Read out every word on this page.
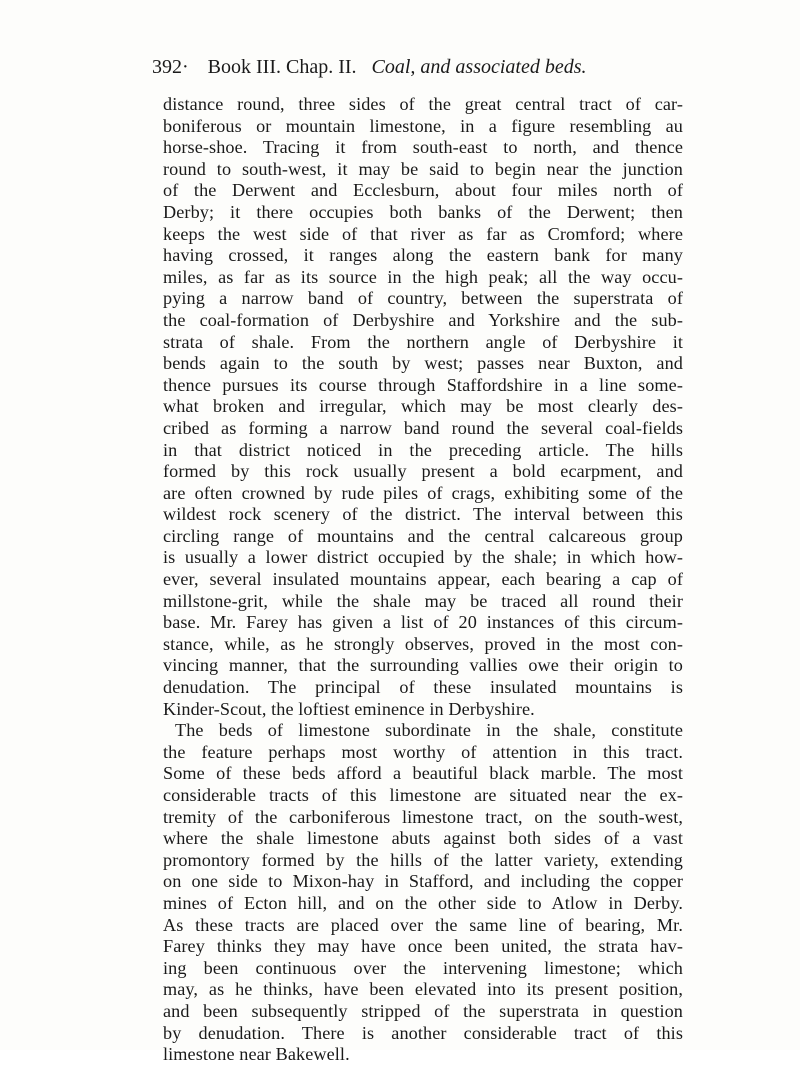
392· Book III. Chap. II. Coal, and associated beds.
distance round, three sides of the great central tract of car-
boniferous or mountain limestone, in a figure resembling au
horse-shoe. Tracing it from south-east to north, and thence
round to south-west, it may be said to begin near the junction
of the Derwent and Ecclesburn, about four miles north of
Derby; it there occupies both banks of the Derwent; then
keeps the west side of that river as far as Cromford; where
having crossed, it ranges along the eastern bank for many
miles, as far as its source in the high peak; all the way occu-
pying a narrow band of country, between the superstrata of
the coal-formation of Derbyshire and Yorkshire and the sub-
strata of shale. From the northern angle of Derbyshire it
bends again to the south by west; passes near Buxton, and
thence pursues its course through Staffordshire in a line some-
what broken and irregular, which may be most clearly des-
cribed as forming a narrow band round the several coal-fields
in that district noticed in the preceding article. The hills
formed by this rock usually present a bold ecarpment, and
are often crowned by rude piles of crags, exhibiting some of the
wildest rock scenery of the district. The interval between this
circling range of mountains and the central calcareous group
is usually a lower district occupied by the shale; in which how-
ever, several insulated mountains appear, each bearing a cap of
millstone-grit, while the shale may be traced all round their
base. Mr. Farey has given a list of 20 instances of this circum-
stance, while, as he strongly observes, proved in the most con-
vincing manner, that the surrounding vallies owe their origin to
denudation. The principal of these insulated mountains is
Kinder-Scout, the loftiest eminence in Derbyshire.
The beds of limestone subordinate in the shale, constitute
the feature perhaps most worthy of attention in this tract.
Some of these beds afford a beautiful black marble. The most
considerable tracts of this limestone are situated near the ex-
tremity of the carboniferous limestone tract, on the south-west,
where the shale limestone abuts against both sides of a vast
promontory formed by the hills of the latter variety, extending
on one side to Mixon-hay in Stafford, and including the copper
mines of Ecton hill, and on the other side to Atlow in Derby.
As these tracts are placed over the same line of bearing, Mr.
Farey thinks they may have once been united, the strata hav-
ing been continuous over the intervening limestone; which
may, as he thinks, have been elevated into its present position,
and been subsequently stripped of the superstrata in question
by denudation. There is another considerable tract of this
limestone near Bakewell.
